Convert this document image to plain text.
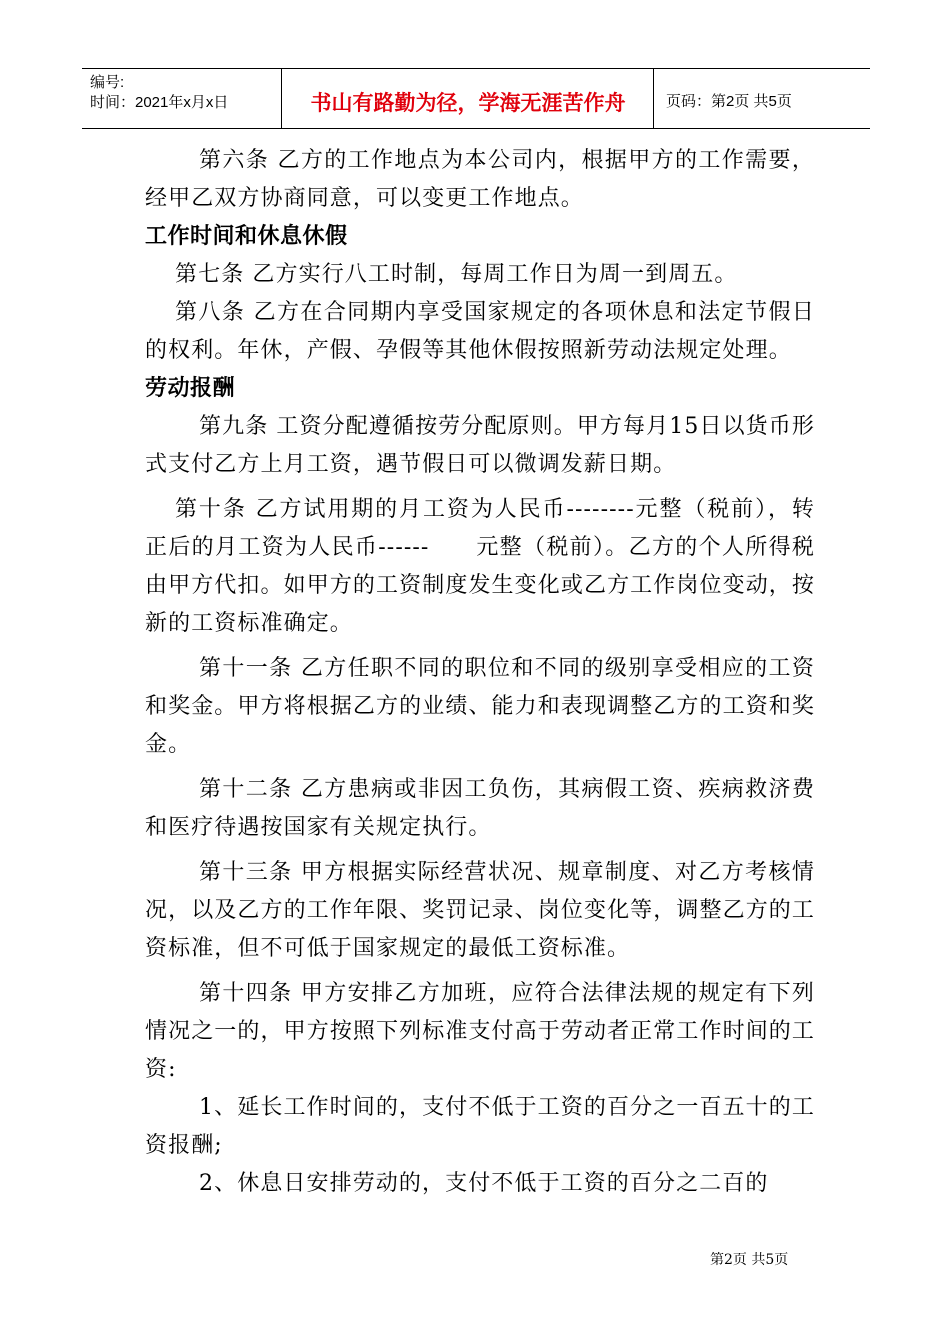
编号:
时间：2021年x月x日	书山有路勤为径，学海无涯苦作舟	页码：第2页 共5页

第六条 乙方的工作地点为本公司内，根据甲方的工作需要，经甲乙双方协商同意，可以变更工作地点。

工作时间和休息休假

第七条 乙方实行八工时制，每周工作日为周一到周五。

第八条 乙方在合同期内享受国家规定的各项休息和法定节假日的权利。年休，产假、孕假等其他休假按照新劳动法规定处理。

劳动报酬

第九条 工资分配遵循按劳分配原则。甲方每月15日以货币形式支付乙方上月工资，遇节假日可以微调发薪日期。

第十条 乙方试用期的月工资为人民币--------元整（税前），转正后的月工资为人民币------　　元整（税前）。乙方的个人所得税由甲方代扣。如甲方的工资制度发生变化或乙方工作岗位变动，按新的工资标准确定。

第十一条 乙方任职不同的职位和不同的级别享受相应的工资和奖金。甲方将根据乙方的业绩、能力和表现调整乙方的工资和奖金。

第十二条 乙方患病或非因工负伤，其病假工资、疾病救济费和医疗待遇按国家有关规定执行。

第十三条 甲方根据实际经营状况、规章制度、对乙方考核情况，以及乙方的工作年限、奖罚记录、岗位变化等，调整乙方的工资标准，但不可低于国家规定的最低工资标准。

第十四条 甲方安排乙方加班，应符合法律法规的规定有下列情况之一的，甲方按照下列标准支付高于劳动者正常工作时间的工资:

1、延长工作时间的，支付不低于工资的百分之一百五十的工资报酬;

2、休息日安排劳动的，支付不低于工资的百分之二百的

第2页 共5页
